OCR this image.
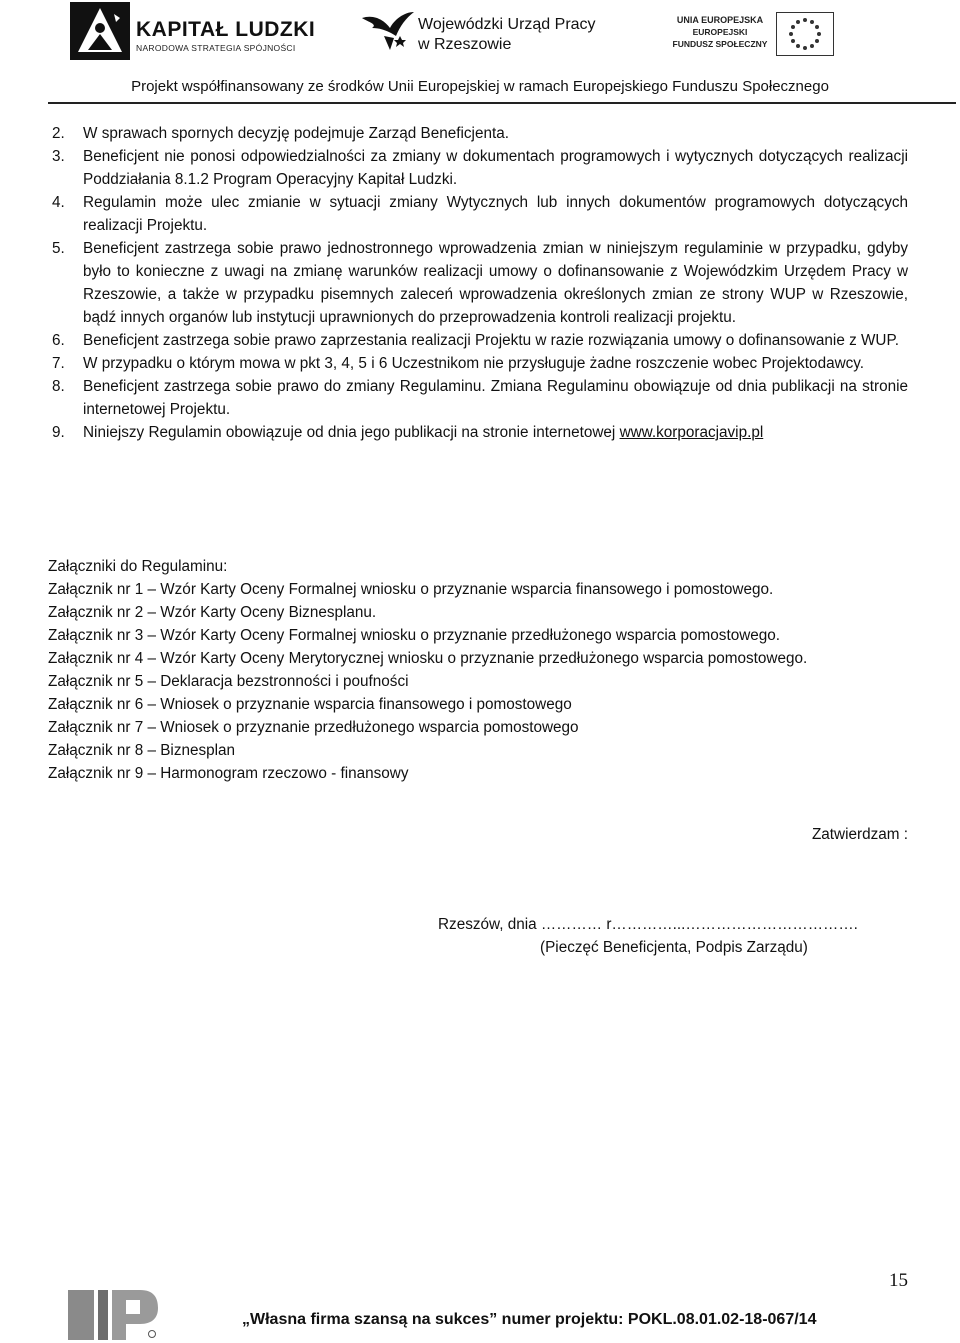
KAPITAŁ LUDZKI
NARODOWA STRATEGIA SPÓJNOŚCI
Wojewódzki Urząd Pracy
w Rzeszowie
UNIA EUROPEJSKA
EUROPEJSKI
FUNDUSZ SPOŁECZNY
Projekt współfinansowany ze środków Unii Europejskiej w ramach Europejskiego Funduszu Społecznego
2. W sprawach spornych decyzję podejmuje Zarząd Beneficjenta.
3. Beneficjent nie ponosi odpowiedzialności za zmiany w dokumentach programowych i wytycznych dotyczących realizacji Poddziałania 8.1.2 Program Operacyjny Kapitał Ludzki.
4. Regulamin może ulec zmianie w sytuacji zmiany Wytycznych lub innych dokumentów programowych dotyczących realizacji Projektu.
5. Beneficjent zastrzega sobie prawo jednostronnego wprowadzenia zmian w niniejszym regulaminie w przypadku, gdyby było to konieczne z uwagi na zmianę warunków realizacji umowy o dofinansowanie z Wojewódzkim Urzędem Pracy w Rzeszowie, a także w przypadku pisemnych zaleceń wprowadzenia określonych zmian ze strony WUP w Rzeszowie, bądź innych organów lub instytucji uprawnionych do przeprowadzenia kontroli realizacji projektu.
6. Beneficjent zastrzega sobie prawo zaprzestania realizacji Projektu w razie rozwiązania umowy o dofinansowanie z WUP.
7. W przypadku o którym mowa w pkt 3, 4, 5 i 6 Uczestnikom nie przysługuje żadne roszczenie wobec Projektodawcy.
8. Beneficjent zastrzega sobie prawo do zmiany Regulaminu. Zmiana Regulaminu obowiązuje od dnia publikacji na stronie internetowej Projektu.
9. Niniejszy Regulamin obowiązuje od dnia jego publikacji na stronie internetowej www.korporacjavip.pl
Załączniki do Regulaminu:
Załącznik nr 1 – Wzór Karty Oceny Formalnej wniosku o przyznanie wsparcia finansowego i pomostowego.
Załącznik nr 2 – Wzór Karty Oceny Biznesplanu.
Załącznik nr 3 – Wzór Karty Oceny Formalnej wniosku o przyznanie przedłużonego wsparcia pomostowego.
Załącznik nr 4 – Wzór Karty Oceny Merytorycznej wniosku o przyznanie przedłużonego wsparcia pomostowego.
Załącznik nr 5 – Deklaracja bezstronności i poufności
Załącznik nr 6 – Wniosek o przyznanie wsparcia finansowego i pomostowego
Załącznik nr 7 – Wniosek o przyznanie przedłużonego wsparcia pomostowego
Załącznik nr 8 – Biznesplan
Załącznik nr 9 – Harmonogram rzeczowo - finansowy
Zatwierdzam :
Rzeszów, dnia ………… r…………...…………………………….
(Pieczęć Beneficjenta, Podpis Zarządu)
15
„Własna firma szansą na sukces” numer projektu: POKL.08.01.02-18-067/14
